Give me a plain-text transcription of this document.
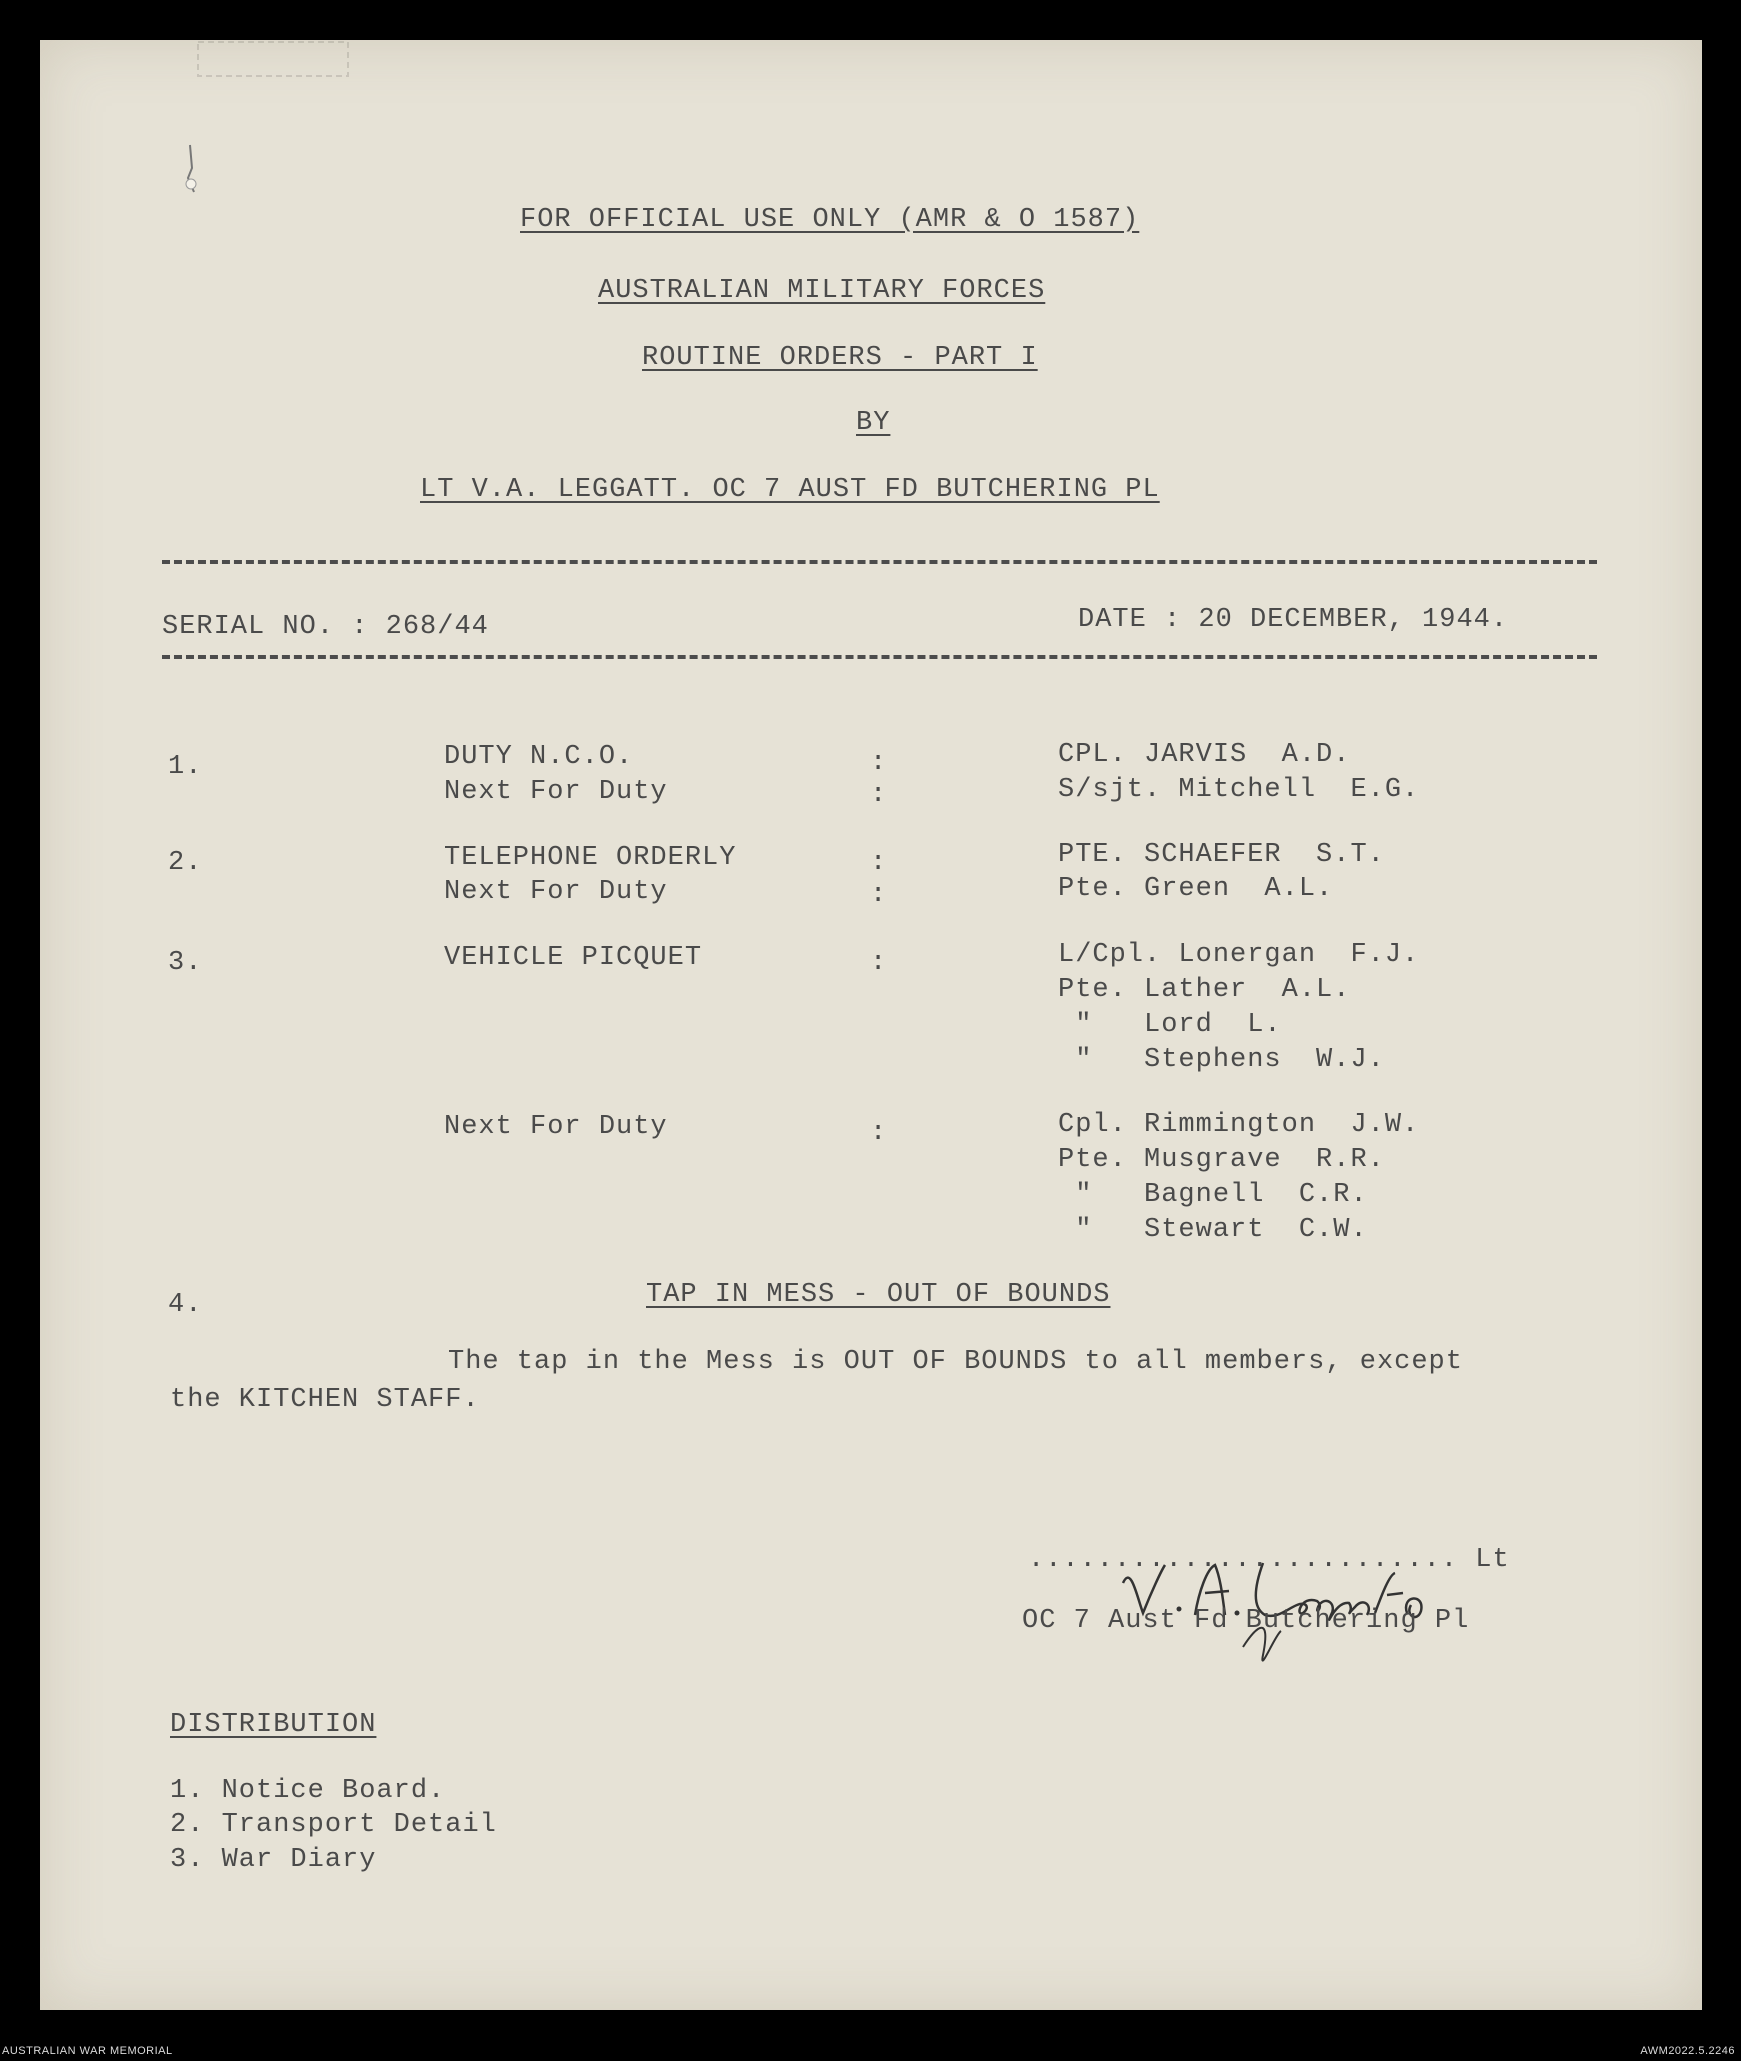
FOR OFFICIAL USE ONLY (AMR & O 1587)
AUSTRALIAN MILITARY FORCES
ROUTINE ORDERS - PART I
BY
LT V.A. LEGGATT. OC 7 AUST FD BUTCHERING PL
SERIAL NO. : 268/44	DATE : 20 DECEMBER, 1944.
1.	DUTY N.C.O.	:	CPL. JARVIS  A.D.
Next For Duty	:	S/sjt. Mitchell  E.G.
2.	TELEPHONE ORDERLY	:	PTE. SCHAEFER  S.T.
Next For Duty	:	Pte. Green  A.L.
3.	VEHICLE PICQUET	:	L/Cpl. Lonergan  F.J.
Pte. Lather  A.L.
"   Lord  L.
"   Stephens  W.J.
Next For Duty	:	Cpl. Rimmington  J.W.
Pte. Musgrave  R.R.
"   Bagnell  C.R.
"   Stewart  C.W.
4.	TAP IN MESS - OUT OF BOUNDS
The tap in the Mess is OUT OF BOUNDS to all members, except
the KITCHEN STAFF.
......................... Lt
OC 7 Aust Fd Butchering Pl
DISTRIBUTION
1. Notice Board.
2. Transport Detail
3. War Diary
AUSTRALIAN WAR MEMORIAL	AWM2022.5.2246
